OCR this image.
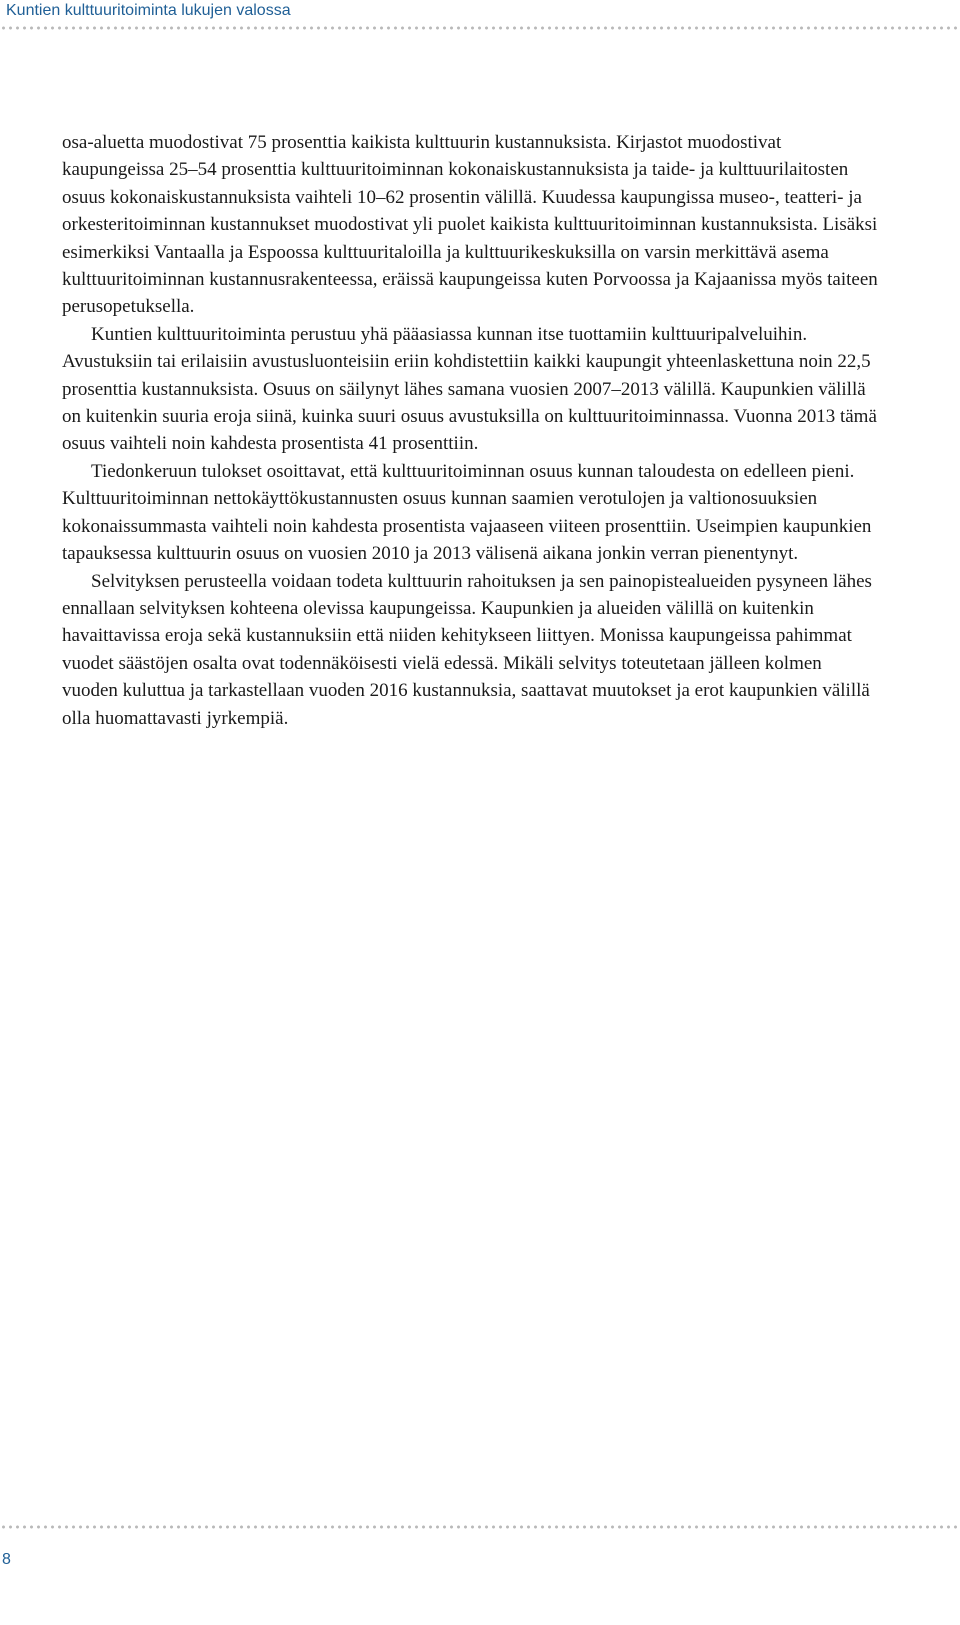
Kuntien kulttuuritoiminta lukujen valossa

osa-aluetta muodostivat 75 prosenttia kaikista kulttuurin kustannuksista. Kirjastot muodostivat kaupungeissa 25–54 prosenttia kulttuuritoiminnan kokonaiskustannuksista ja taide- ja kulttuurilaitosten osuus kokonaiskustannuksista vaihteli 10–62 prosentin välillä. Kuudessa kaupungissa museo-, teatteri- ja orkesteritoiminnan kustannukset muodostivat yli puolet kaikista kulttuuritoiminnan kustannuksista. Lisäksi esimerkiksi Vantaalla ja Espoossa kulttuuritaloilla ja kulttuurikeskuksilla on varsin merkittävä asema kulttuuritoiminnan kustannusrakenteessa, eräissä kaupungeissa kuten Porvoossa ja Kajaanissa myös taiteen perusopetuksella.

Kuntien kulttuuritoiminta perustuu yhä pääasiassa kunnan itse tuottamiin kulttuuripalveluihin. Avustuksiin tai erilaisiin avustusluonteisiin eriin kohdistettiin kaikki kaupungit yhteenlaskettuna noin 22,5 prosenttia kustannuksista. Osuus on säilynyt lähes samana vuosien 2007–2013 välillä. Kaupunkien välillä on kuitenkin suuria eroja siinä, kuinka suuri osuus avustuksilla on kulttuuritoiminnassa. Vuonna 2013 tämä osuus vaihteli noin kahdesta prosentista 41 prosenttiin.

Tiedonkeruun tulokset osoittavat, että kulttuuritoiminnan osuus kunnan taloudesta on edelleen pieni. Kulttuuritoiminnan nettokäyttökustannusten osuus kunnan saamien verotulojen ja valtionosuuksien kokonaissummasta vaihteli noin kahdesta prosentista vajaaseen viiteen prosenttiin. Useimpien kaupunkien tapauksessa kulttuurin osuus on vuosien 2010 ja 2013 välisenä aikana jonkin verran pienentynyt.

Selvityksen perusteella voidaan todeta kulttuurin rahoituksen ja sen painopistealueiden pysyneen lähes ennallaan selvityksen kohteena olevissa kaupungeissa. Kaupunkien ja alueiden välillä on kuitenkin havaittavissa eroja sekä kustannuksiin että niiden kehitykseen liittyen. Monissa kaupungeissa pahimmat vuodet säästöjen osalta ovat todennäköisesti vielä edessä. Mikäli selvitys toteutetaan jälleen kolmen vuoden kuluttua ja tarkastellaan vuoden 2016 kustannuksia, saattavat muutokset ja erot kaupunkien välillä olla huomattavasti jyrkempiä.

8
